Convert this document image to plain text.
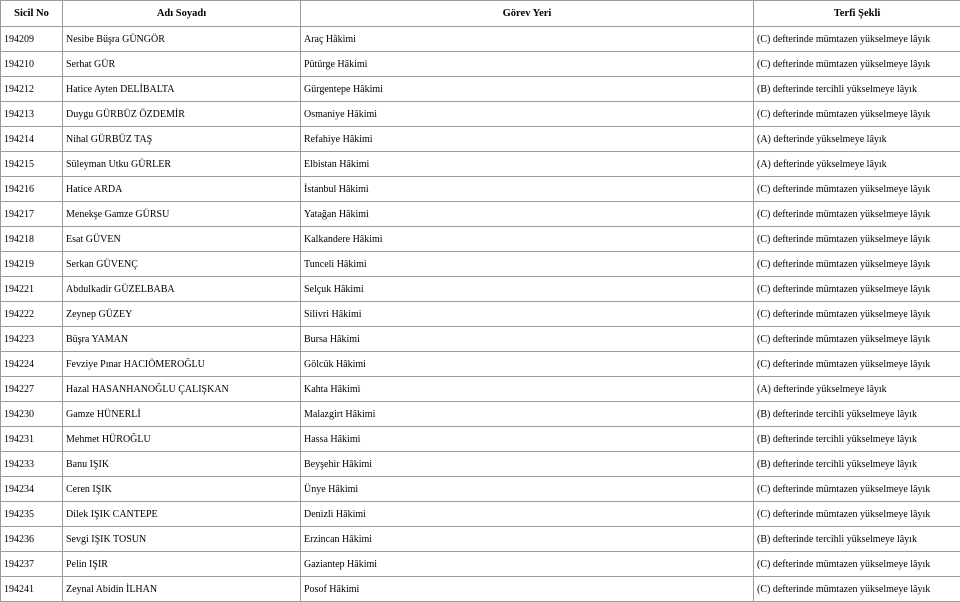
Sicil No	Adı Soyadı	Görev Yeri	Terfi Şekli
194209	Nesibe Büşra GÜNGÖR	Araç Hâkimi	(C) defterinde mümtazen yükselmeye lâyık
194210	Serhat GÜR	Pütürge Hâkimi	(C) defterinde mümtazen yükselmeye lâyık
194212	Hatice Ayten DELİBALTA	Gürgentepe Hâkimi	(B) defterinde tercihli yükselmeye lâyık
194213	Duygu GÜRBÜZ ÖZDEMİR	Osmaniye Hâkimi	(C) defterinde mümtazen yükselmeye lâyık
194214	Nihal GÜRBÜZ TAŞ	Refahiye Hâkimi	(A) defterinde yükselmeye lâyık
194215	Süleyman Utku GÜRLER	Elbistan Hâkimi	(A) defterinde yükselmeye lâyık
194216	Hatice ARDA	İstanbul Hâkimi	(C) defterinde mümtazen yükselmeye lâyık
194217	Menekşe Gamze GÜRSU	Yatağan Hâkimi	(C) defterinde mümtazen yükselmeye lâyık
194218	Esat GÜVEN	Kalkandere Hâkimi	(C) defterinde mümtazen yükselmeye lâyık
194219	Serkan GÜVENÇ	Tunceli Hâkimi	(C) defterinde mümtazen yükselmeye lâyık
194221	Abdulkadir GÜZELBABA	Selçuk Hâkimi	(C) defterinde mümtazen yükselmeye lâyık
194222	Zeynep GÜZEY	Silivri Hâkimi	(C) defterinde mümtazen yükselmeye lâyık
194223	Büşra YAMAN	Bursa Hâkimi	(C) defterinde mümtazen yükselmeye lâyık
194224	Fevziye Pınar HACIÖMEROĞLU	Gölcük Hâkimi	(C) defterinde mümtazen yükselmeye lâyık
194227	Hazal HASANHANOĞLU ÇALIŞKAN	Kahta Hâkimi	(A) defterinde yükselmeye lâyık
194230	Gamze HÜNERLİ	Malazgirt Hâkimi	(B) defterinde tercihli yükselmeye lâyık
194231	Mehmet HÜROĞLU	Hassa Hâkimi	(B) defterinde tercihli yükselmeye lâyık
194233	Banu IŞIK	Beyşehir Hâkimi	(B) defterinde tercihli yükselmeye lâyık
194234	Ceren IŞIK	Ünye Hâkimi	(C) defterinde mümtazen yükselmeye lâyık
194235	Dilek IŞIK CANTEPE	Denizli Hâkimi	(C) defterinde mümtazen yükselmeye lâyık
194236	Sevgi IŞIK TOSUN	Erzincan Hâkimi	(B) defterinde tercihli yükselmeye lâyık
194237	Pelin IŞIR	Gaziantep Hâkimi	(C) defterinde mümtazen yükselmeye lâyık
194241	Zeynal Abidin İLHAN	Posof Hâkimi	(C) defterinde mümtazen yükselmeye lâyık
